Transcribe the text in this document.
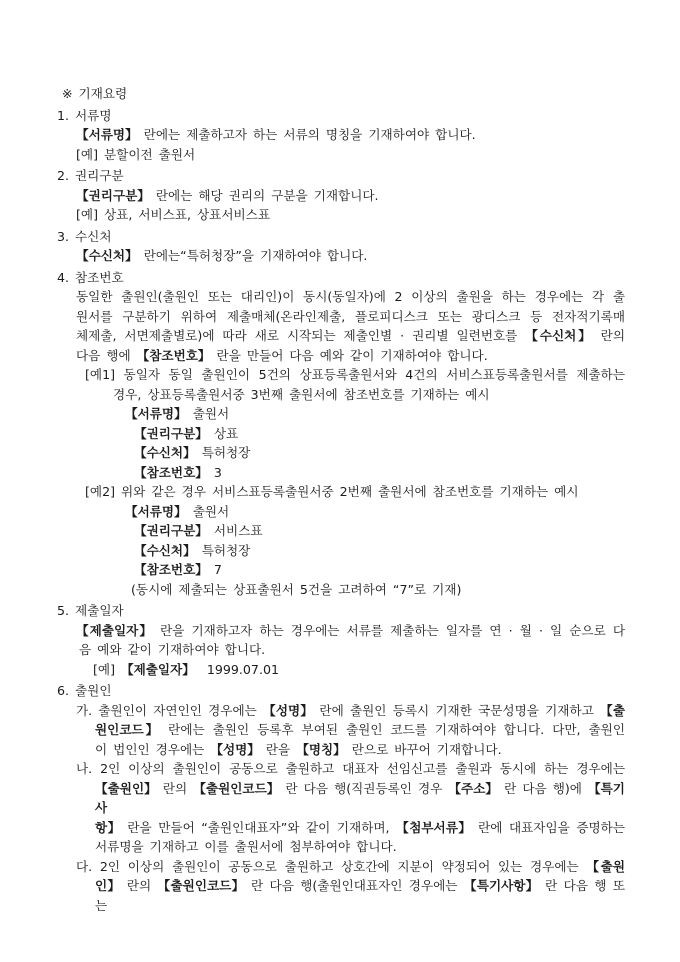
※ 기재요령
1. 서류명
【서류명】 란에는 제출하고자 하는 서류의 명칭을 기재하여야 합니다.
[예] 분할이전 출원서
2. 권리구분
【권리구분】 란에는 해당 권리의 구분을 기재합니다.
[예] 상표, 서비스표, 상표서비스표
3. 수신처
【수신처】 란에는“특허청장”을 기재하여야 합니다.
4. 참조번호
동일한 출원인(출원인 또는 대리인)이 동시(동일자)에 2 이상의 출원을 하는 경우에는 각 출
원서를 구분하기 위하여 제출매체(온라인제출, 플로피디스크 또는 광디스크 등 전자적기록매
체제출, 서면제출별로)에 따라 새로 시작되는 제출인별 · 권리별 일련번호를 【수신처】 란의
다음 행에 【참조번호】 란을 만들어 다음 예와 같이 기재하여야 합니다.
[예1] 동일자 동일 출원인이 5건의 상표등록출원서와 4건의 서비스표등록출원서를 제출하는
경우, 상표등록출원서중 3번째 출원서에 참조번호를 기재하는 예시
【서류명】 출원서
【권리구분】 상표
【수신처】 특허청장
【참조번호】 3
[예2] 위와 같은 경우 서비스표등록출원서중 2번째 출원서에 참조번호를 기재하는 예시
【서류명】 출원서
【권리구분】 서비스표
【수신처】 특허청장
【참조번호】 7
(동시에 제출되는 상표출원서 5건을 고려하여 “7”로 기재)
5. 제출일자
【제출일자】 란을 기재하고자 하는 경우에는 서류를 제출하는 일자를 연 · 월 · 일 순으로 다
음 예와 같이 기재하여야 합니다.
[예] 【제출일자】  1999.07.01
6. 출원인
가. 출원인이 자연인인 경우에는 【성명】 란에 출원인 등록시 기재한 국문성명을 기재하고 【출
원인코드】 란에는 출원인 등록후 부여된 출원인 코드를 기재하여야 합니다. 다만, 출원인
이 법인인 경우에는 【성명】 란을 【명칭】 란으로 바꾸어 기재합니다.
나. 2인 이상의 출원인이 공동으로 출원하고 대표자 선임신고를 출원과 동시에 하는 경우에는
【출원인】 란의 【출원인코드】 란 다음 행(직권등록인 경우 【주소】 란 다음 행)에 【특기사
항】 란을 만들어 “출원인대표자”와 같이 기재하며, 【첨부서류】 란에 대표자임을 증명하는
서류명을 기재하고 이를 출원서에 첨부하여야 합니다.
다. 2인 이상의 출원인이 공동으로 출원하고 상호간에 지분이 약정되어 있는 경우에는 【출원
인】 란의 【출원인코드】 란 다음 행(출원인대표자인 경우에는 【특기사항】 란 다음 행 또는
